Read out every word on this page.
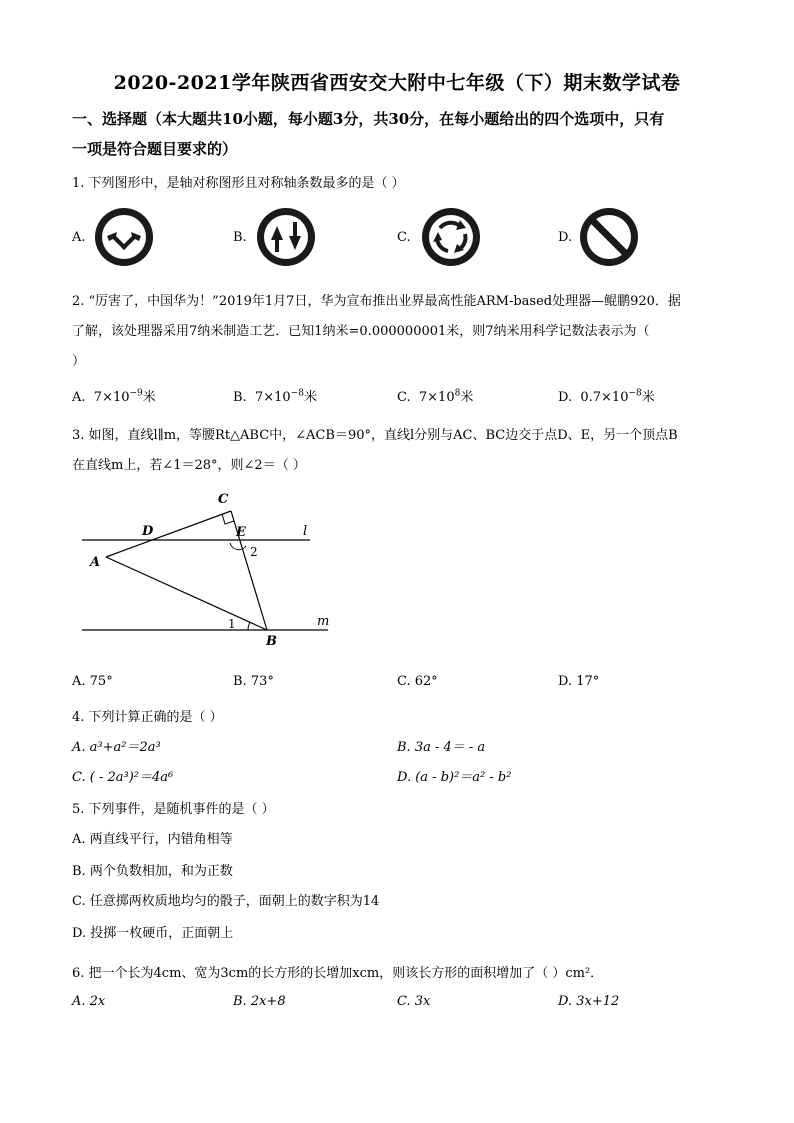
2020-2021学年陕西省西安交大附中七年级（下）期末数学试卷
一、选择题（本大题共10小题，每小题3分，共30分，在每小题给出的四个选项中，只有
一项是符合题目要求的）
1. 下列图形中，是轴对称图形且对称轴条数最多的是（ ）
A.	B.	C.	D.
2. “厉害了，中国华为！”2019年1月7日，华为宣布推出业界最高性能ARM-based处理器—鲲鹏920．据
了解，该处理器采用7纳米制造工艺．已知1纳米=0.000000001米，则7纳米用科学记数法表示为（
）
A. $7\times 10^{-9}$米	B. $7\times 10^{-8}$米	C. $7\times 10^8$米	D. $0.7\times 10^{-8}$米
3. 如图，直线l∥m，等腰Rt△ABC中，∠ACB＝90°，直线l分别与AC、BC边交于点D、E，另一个顶点B
在直线m上，若∠1＝28°，则∠2＝（ ）
C
D	E	l
A
2
1
B
m
A. 75°	B. 73°	C. 62°	D. 17°
4. 下列计算正确的是（ ）
A. a³+a²＝2a³	B. 3a - 4＝ - a
C. ( - 2a³)²＝4a⁶	D. (a - b)²＝a² - b²
5. 下列事件，是随机事件的是（ ）
A. 两直线平行，内错角相等
B. 两个负数相加，和为正数
C. 任意掷两枚质地均匀的骰子，面朝上的数字积为14
D. 投掷一枚硬币，正面朝上
6. 把一个长为4cm、宽为3cm的长方形的长增加xcm，则该长方形的面积增加了（ ）cm²．
A. 2x	B. 2x+8	C. 3x	D. 3x+12
